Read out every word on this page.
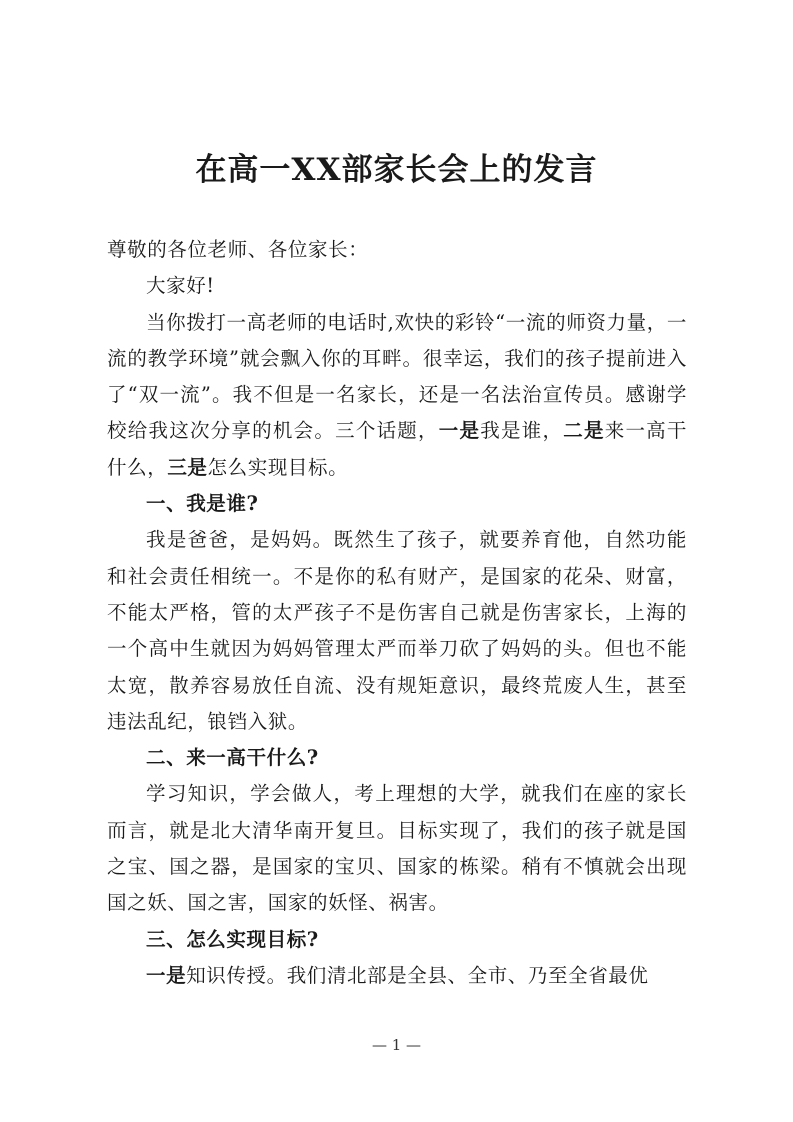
在高一XX部家长会上的发言

尊敬的各位老师、各位家长：

大家好!

当你拨打一高老师的电话时,欢快的彩铃“一流的师资力量，一流的教学环境”就会飘入你的耳畔。很幸运，我们的孩子提前进入了“双一流”。我不但是一名家长，还是一名法治宣传员。感谢学校给我这次分享的机会。三个话题，一是我是谁，二是来一高干什么，三是怎么实现目标。

一、我是谁?

我是爸爸，是妈妈。既然生了孩子，就要养育他，自然功能和社会责任相统一。不是你的私有财产，是国家的花朵、财富，不能太严格，管的太严孩子不是伤害自己就是伤害家长，上海的一个高中生就因为妈妈管理太严而举刀砍了妈妈的头。但也不能太宽，散养容易放任自流、没有规矩意识，最终荒废人生，甚至违法乱纪，锒铛入狱。

二、来一高干什么?

学习知识，学会做人，考上理想的大学，就我们在座的家长而言，就是北大清华南开复旦。目标实现了，我们的孩子就是国之宝、国之器，是国家的宝贝、国家的栋梁。稍有不慎就会出现国之妖、国之害，国家的妖怪、祸害。

三、怎么实现目标?

一是知识传授。我们清北部是全县、全市、乃至全省最优

— 1 —
